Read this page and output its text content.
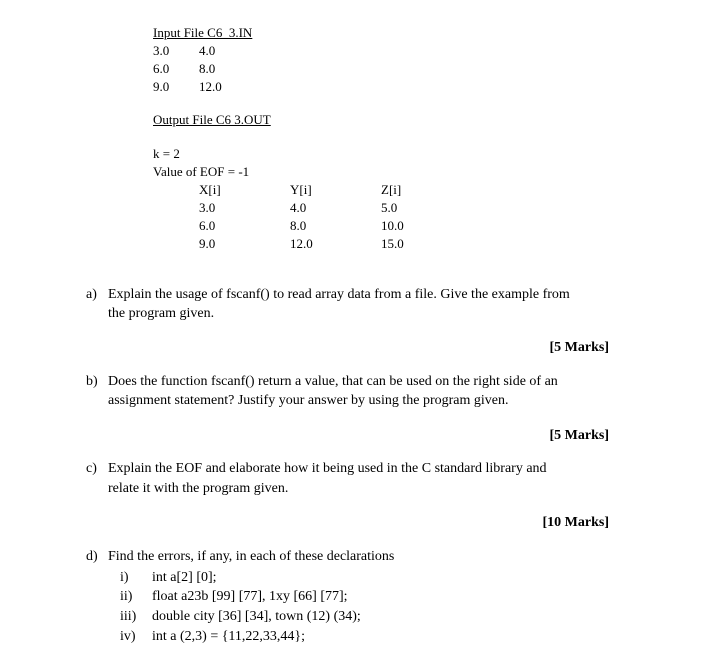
Input File C6_3.IN
3.0 4.0
6.0 8.0
9.0 12.0
Output File C6 3.OUT
k = 2
Value of EOF = -1
X[i]	Y[i]	Z[i]
3.0	4.0	5.0
6.0	8.0	10.0
9.0	12.0	15.0
a) Explain the usage of fscanf() to read array data from a file. Give the example from
the program given.
[5 Marks]
b) Does the function fscanf() return a value, that can be used on the right side of an
assignment statement? Justify your answer by using the program given.
[5 Marks]
c) Explain the EOF and elaborate how it being used in the C standard library and
relate it with the program given.
[10 Marks]
d) Find the errors, if any, in each of these declarations
i) int a[2] [0];
ii) float a23b [99] [77], 1xy [66] [77];
iii) double city [36] [34], town (12) (34);
iv) int a (2,3) = {11,22,33,44};
